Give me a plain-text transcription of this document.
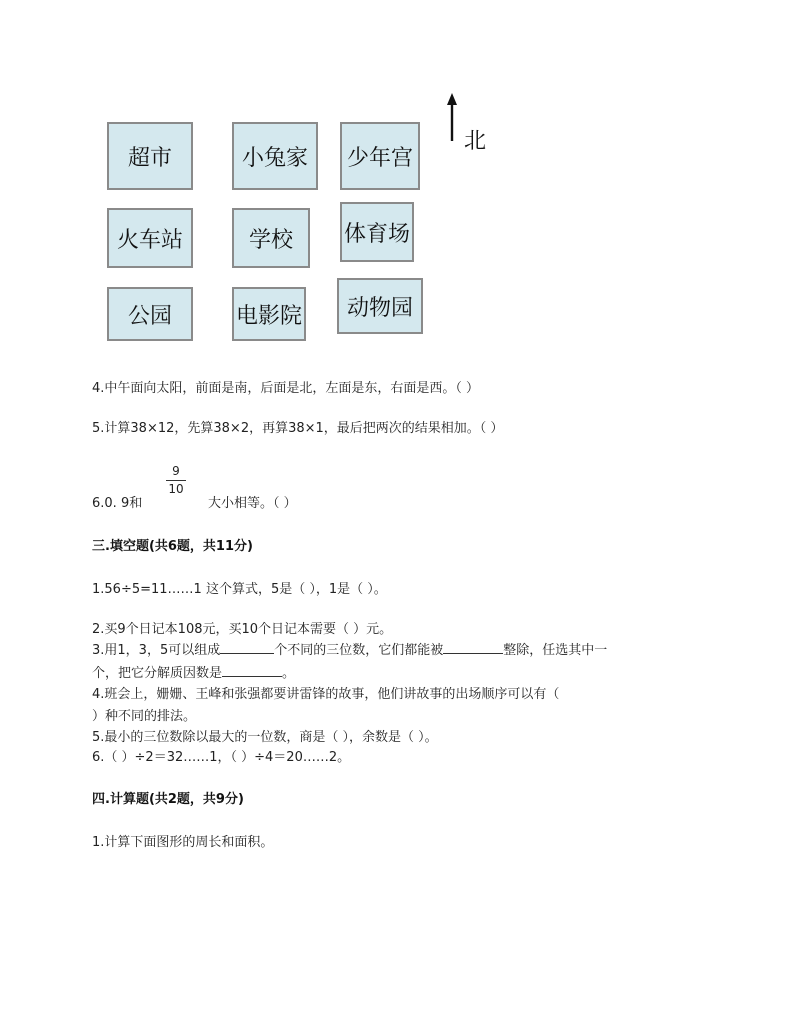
超市	小兔家	少年宫
火车站	学校	体育场
公园	电影院	动物园
北
4.中午面向太阳，前面是南，后面是北，左面是东，右面是西。（ ）
5.计算38×12，先算38×2，再算38×1，最后把两次的结果相加。（ ）
6.0. 9和
9
10
大小相等。（ ）
三.填空题(共6题，共11分)
1.56÷5=11……1 这个算式，5是（ ），1是（ ）。
2.买9个日记本108元，买10个日记本需要（ ）元。
3.用1，3，5可以组成	个不同的三位数，它们都能被	整除，任选其中一
个，把它分解质因数是	。
4.班会上，姗姗、王峰和张强都要讲雷锋的故事，他们讲故事的出场顺序可以有（
）种不同的排法。
5.最小的三位数除以最大的一位数，商是（ ），余数是（ ）。
6.（ ）÷2＝32……1，（ ）÷4＝20……2。
四.计算题(共2题，共9分)
1.计算下面图形的周长和面积。
